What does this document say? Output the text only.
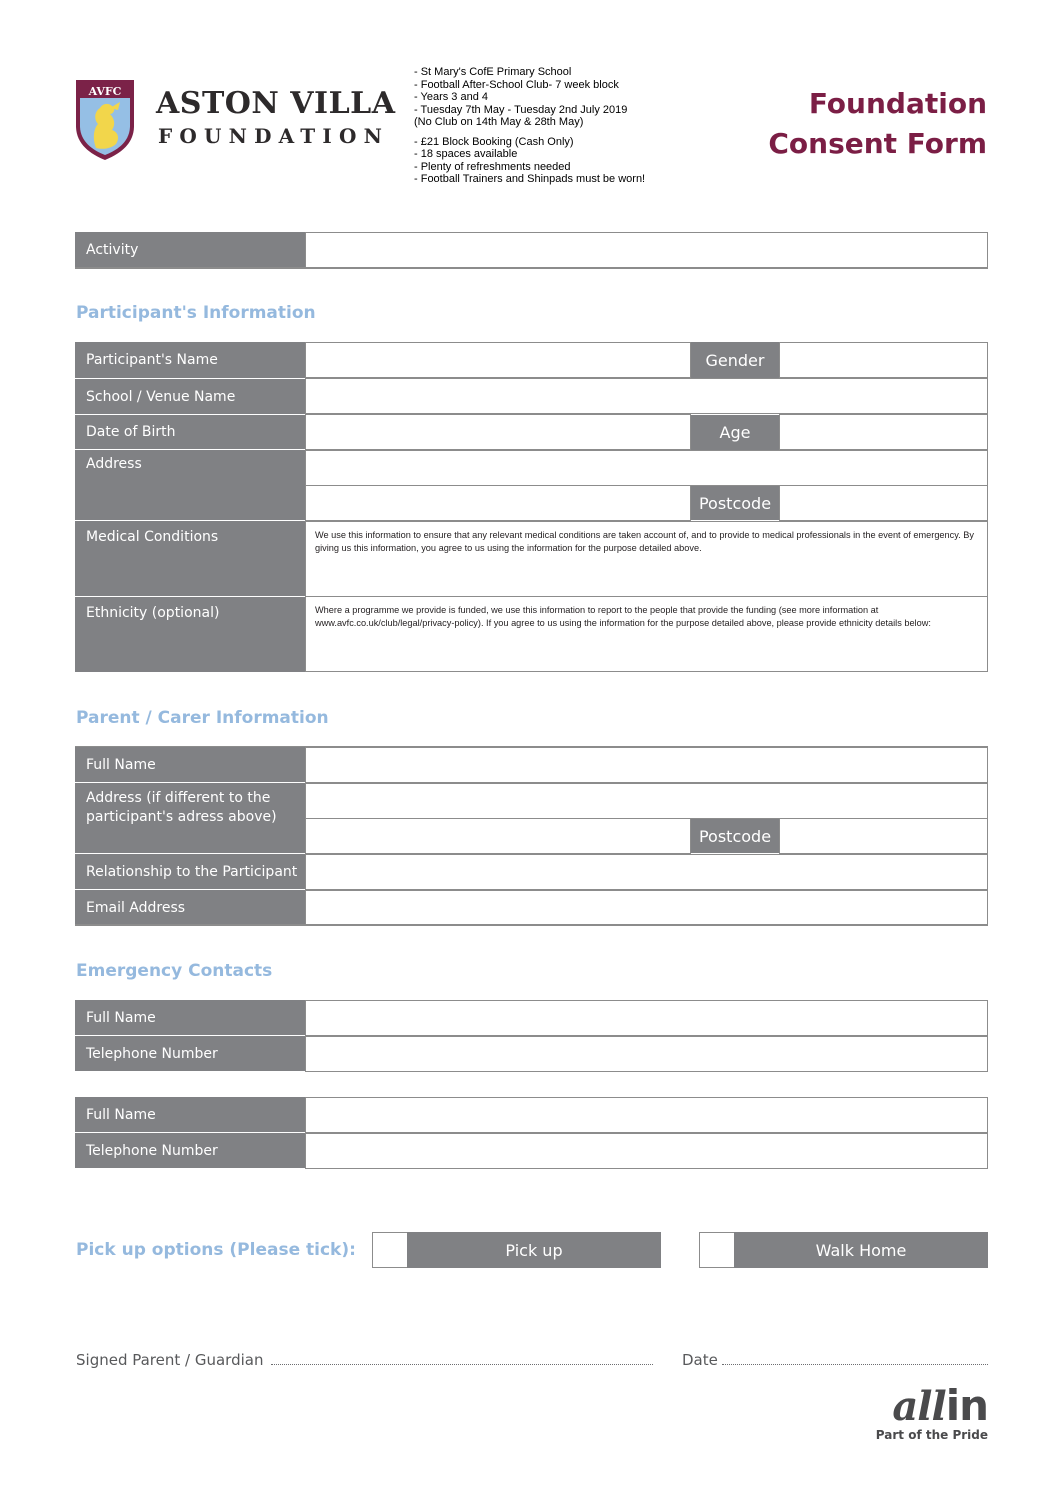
AVFC ASTON VILLA
FOUNDATION
- St Mary's CofE Primary School
- Football After-School Club- 7 week block
- Years 3 and 4
- Tuesday 7th May - Tuesday 2nd July 2019
(No Club on 14th May & 28th May)
- £21 Block Booking (Cash Only)
- 18 spaces available
- Plenty of refreshments needed
- Football Trainers and Shinpads must be worn!
Foundation
Consent Form
Activity
Participant's Information
Participant's Name	Gender
School / Venue Name
Date of Birth	Age
Address
Postcode
Medical Conditions	We use this information to ensure that any relevant medical conditions are taken account of, and to provide to medical professionals in the event of emergency. By giving us this information, you agree to us using the information for the purpose detailed above.
Ethnicity (optional)	Where a programme we provide is funded, we use this information to report to the people that provide the funding (see more information at www.avfc.co.uk/club/legal/privacy-policy). If you agree to us using the information for the purpose detailed above, please provide ethnicity details below:
Parent / Carer Information
Full Name
Address (if different to the participant's adress above)
Postcode
Relationship to the Participant
Email Address
Emergency Contacts
Full Name
Telephone Number
Full Name
Telephone Number
Pick up options (Please tick):	Pick up	Walk Home
Signed Parent / Guardian	Date
allin
Part of the Pride
